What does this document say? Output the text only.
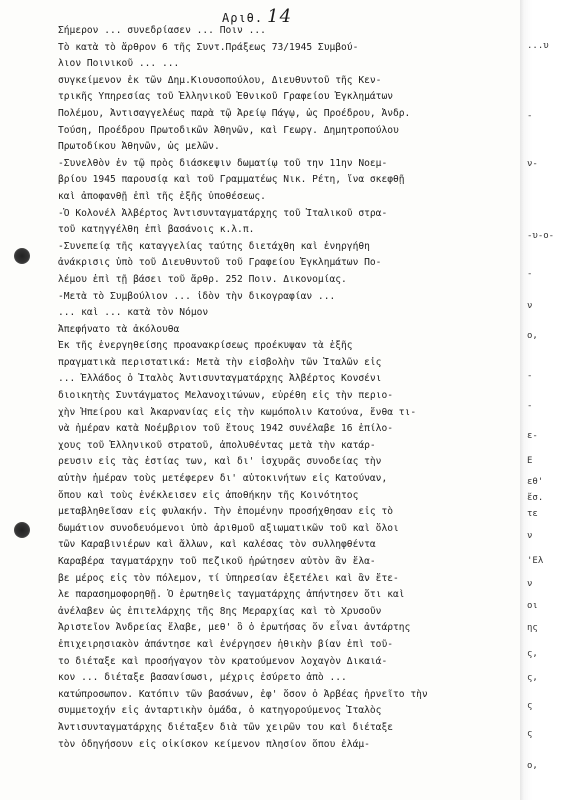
Αριθ. 14
Σήμερον ... συνεδρίασεν ... Ποιν ...
Τὸ κατὰ τὸ ἄρθρον 6 τῆς Συντ.Πράξεως 73/1945 Συμβού-
λιον Ποινικοῦ ... ...
συγκείμενον ἐκ τῶν Δημ.Κιουσοπούλου, Διευθυντοῦ τῆς Κεν-
τρικῆς Υπηρεσίας τοῦ Ἑλληνικοῦ Ἐθνικοῦ Γραφείου Ἐγκλημάτων
Πολέμου, Ἀντισαγγελέως παρὰ τῷ Ἀρείῳ Πάγῳ, ὡς Προέδρου, Ἀνδρ.
Τούση, Προέδρου Πρωτοδικῶν Ἀθηνῶν, καὶ Γεωργ. Δημητροπούλου
Πρωτοδίκου Ἀθηνῶν, ὡς μελῶν.
-Συνελθὸν ἐν τῷ πρὸς διάσκεψιν δωματίῳ τοῦ την 11ην Νοεμ-
βρίου 1945 παρουσίᾳ καὶ τοῦ Γραμματέως Νικ. Ρέτη, ἵνα σκεφθῇ
καὶ ἀποφανθῇ ἐπὶ τῆς ἑξῆς ὑποθέσεως.
-Ὁ Κολονέλ Ἀλβέρτος Ἀντισυνταγματάρχης τοῦ Ἰταλικοῦ στρα-
τοῦ κατηγγέλθη ἐπὶ βασάνοις κ.λ.π.
-Συνεπείᾳ τῆς καταγγελίας ταύτης διετάχθη καὶ ἐνηργήθη
ἀνάκρισις ὑπὸ τοῦ Διευθυντοῦ τοῦ Γραφείου Ἐγκλημάτων Πο-
λέμου ἐπὶ τῇ βάσει τοῦ ἄρθρ. 252 Ποιν. Δικονομίας.
-Μετὰ τὸ Συμβούλιον ... ἰδὸν τὴν δικογραφίαν ...
... καὶ ... κατὰ τὸν Νόμον
Ἀπεφήνατο τὰ ἀκόλουθα
Ἐκ τῆς ἐνεργηθείσης προανακρίσεως προέκυψαν τὰ ἑξῆς
πραγματικὰ περιστατικά: Μετὰ τὴν εἰσβολὴν τῶν Ἰταλῶν εἰς
... Ἑλλάδος ὁ Ἰταλὸς Ἀντισυνταγματάρχης Ἀλβέρτος Κονσένι
διοικητὴς Συντάγματος Μελανοχιτώνων, εὑρέθη εἰς τὴν περιο-
χὴν Ἠπείρου καὶ Ἀκαρνανίας εἰς τὴν κωμόπολιν Κατούνα, ἔνθα τι-
νὰ ἡμέραν κατὰ Νοέμβριον τοῦ ἔτους 1942 συνέλαβε 16 ἐπίλο-
χους τοῦ Ἑλληνικοῦ στρατοῦ, ἀπολυθέντας μετὰ τὴν κατάρ-
ρευσιν εἰς τὰς ἑστίας των, καὶ δι' ἰσχυρᾶς συνοδείας τὴν
αὐτὴν ἡμέραν τοὺς μετέφερεν δι' αὐτοκινήτων εἰς Κατούναν,
ὅπου καὶ τοὺς ἐνέκλεισεν εἰς ἀποθήκην τῆς Κοινότητος
μεταβληθεῖσαν εἰς φυλακήν. Τὴν ἑπομένην προσήχθησαν εἰς τὸ
δωμάτιον συνοδευόμενοι ὑπὸ ἀριθμοῦ αξιωματικῶν τοῦ καὶ ὅλοι
τῶν Καραβινιέρων καὶ ἄλλων, καὶ καλέσας τὸν συλληφθέντα
Καραβέρα ταγματάρχην τοῦ πεζικοῦ ἠρώτησεν αὐτὸν ἂν ἔλα-
βε μέρος εἰς τὸν πόλεμον, τί ὑπηρεσίαν ἐξετέλει καὶ ἂν ἔτε-
λε παρασημοφορηθῇ. Ὁ ἐρωτηθεὶς ταγματάρχης ἀπήντησεν ὅτι καὶ
ἀνέλαβεν ὡς ἐπιτελάρχης τῆς 8ης Μεραρχίας καὶ τὸ Χρυσοῦν
Ἀριστεῖον Ἀνδρείας ἔλαβε, μεθ' ὃ ὁ ἐρωτήσας ὅν εἶναι ἀντάρτης
ἐπιχειρησιακὸν ἀπάντησε καὶ ἐνέργησεν ἠθικὴν βίαν ἐπὶ τοῦ-
το διέταξε καὶ προσήγαγον τὸν κρατούμενον λοχαγὸν Δικαιά-
κον ... διέταξε βασανίσωσι, μέχρις ἐσύρετο ἀπὸ ...
κατώπροσωπον. Κατόπιν τῶν βασάνων, ἐφ' ὅσον ὁ Ἀρβέας ἠρνεῖτο τὴν
συμμετοχήν εἰς ἀνταρτικὴν ὁμάδα, ὁ κατηγορούμενος Ἰταλὸς
Ἀντισυνταγματάρχης διέταξεν διὰ τῶν χειρῶν του καὶ διέταξε
τὸν ὁδηγήσουν εἰς οἰκίσκον κείμενον πλησίον ὅπου ἐλάμ-
...υ
-
ν-
-υ-ο-
-
ν
ο,
-
-
ε-
Ε
εθ'
ἔσ.
τε
ν
'Ελ
ν
οι
ης
ς,
ς,
ς
ς
ο,
